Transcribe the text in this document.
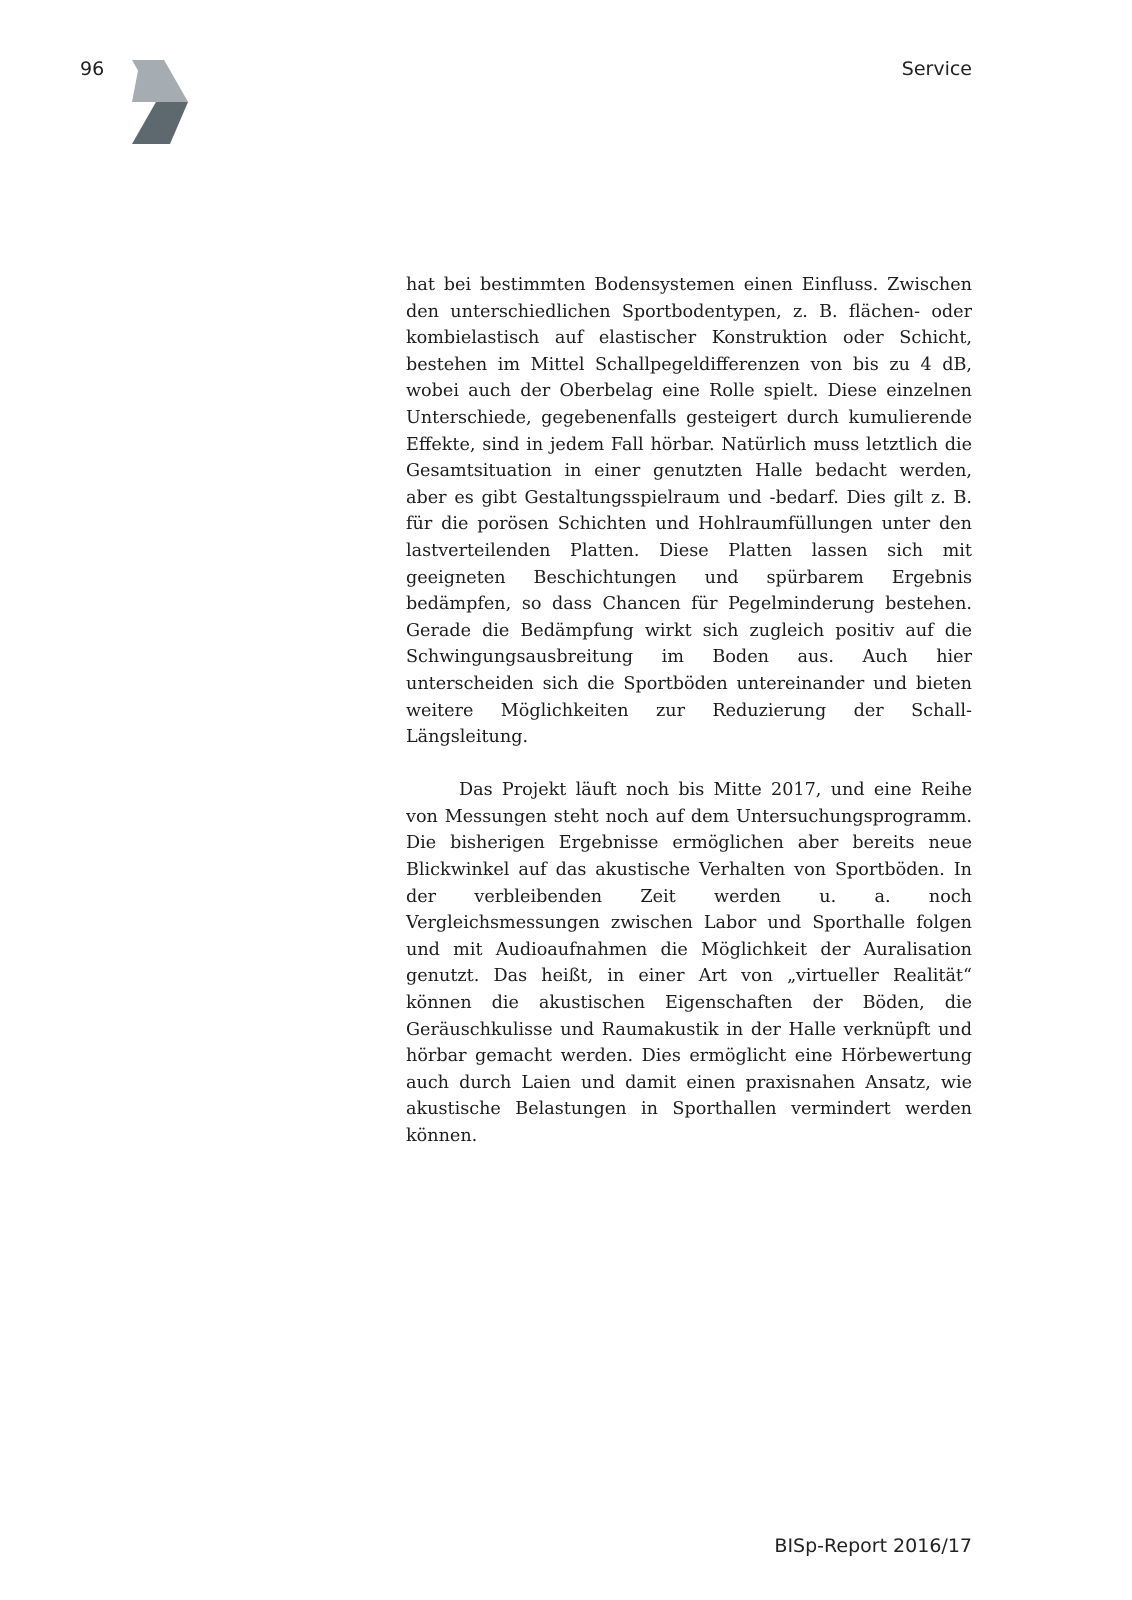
96	Service

hat bei bestimmten Bodensystemen einen Einfluss. Zwischen den unterschiedlichen Sportbodentypen, z. B. flächen- oder kombielastisch auf elastischer Konstruktion oder Schicht, bestehen im Mittel Schallpegeldifferenzen von bis zu 4 dB, wobei auch der Oberbelag eine Rolle spielt. Diese einzelnen Unterschiede, gegebenenfalls gesteigert durch kumulierende Effekte, sind in jedem Fall hörbar. Natürlich muss letztlich die Gesamtsituation in einer genutzten Halle bedacht werden, aber es gibt Gestaltungsspielraum und -bedarf. Dies gilt z. B. für die porösen Schichten und Hohlraumfüllungen unter den lastverteilenden Platten. Diese Platten lassen sich mit geeigneten Beschichtungen und spürbarem Ergebnis bedämpfen, so dass Chancen für Pegelminderung bestehen. Gerade die Bedämpfung wirkt sich zugleich positiv auf die Schwingungsausbreitung im Boden aus. Auch hier unterscheiden sich die Sportböden untereinander und bieten weitere Möglichkeiten zur Reduzierung der Schall-Längsleitung.

Das Projekt läuft noch bis Mitte 2017, und eine Reihe von Messungen steht noch auf dem Untersuchungsprogramm. Die bisherigen Ergebnisse ermöglichen aber bereits neue Blickwinkel auf das akustische Verhalten von Sportböden. In der verbleibenden Zeit werden u. a. noch Vergleichsmessungen zwischen Labor und Sporthalle folgen und mit Audioaufnahmen die Möglichkeit der Auralisation genutzt. Das heißt, in einer Art von „virtueller Realität“ können die akustischen Eigenschaften der Böden, die Geräuschkulisse und Raumakustik in der Halle verknüpft und hörbar gemacht werden. Dies ermöglicht eine Hörbewertung auch durch Laien und damit einen praxisnahen Ansatz, wie akustische Belastungen in Sporthallen vermindert werden können.

BISp-Report 2016/17
